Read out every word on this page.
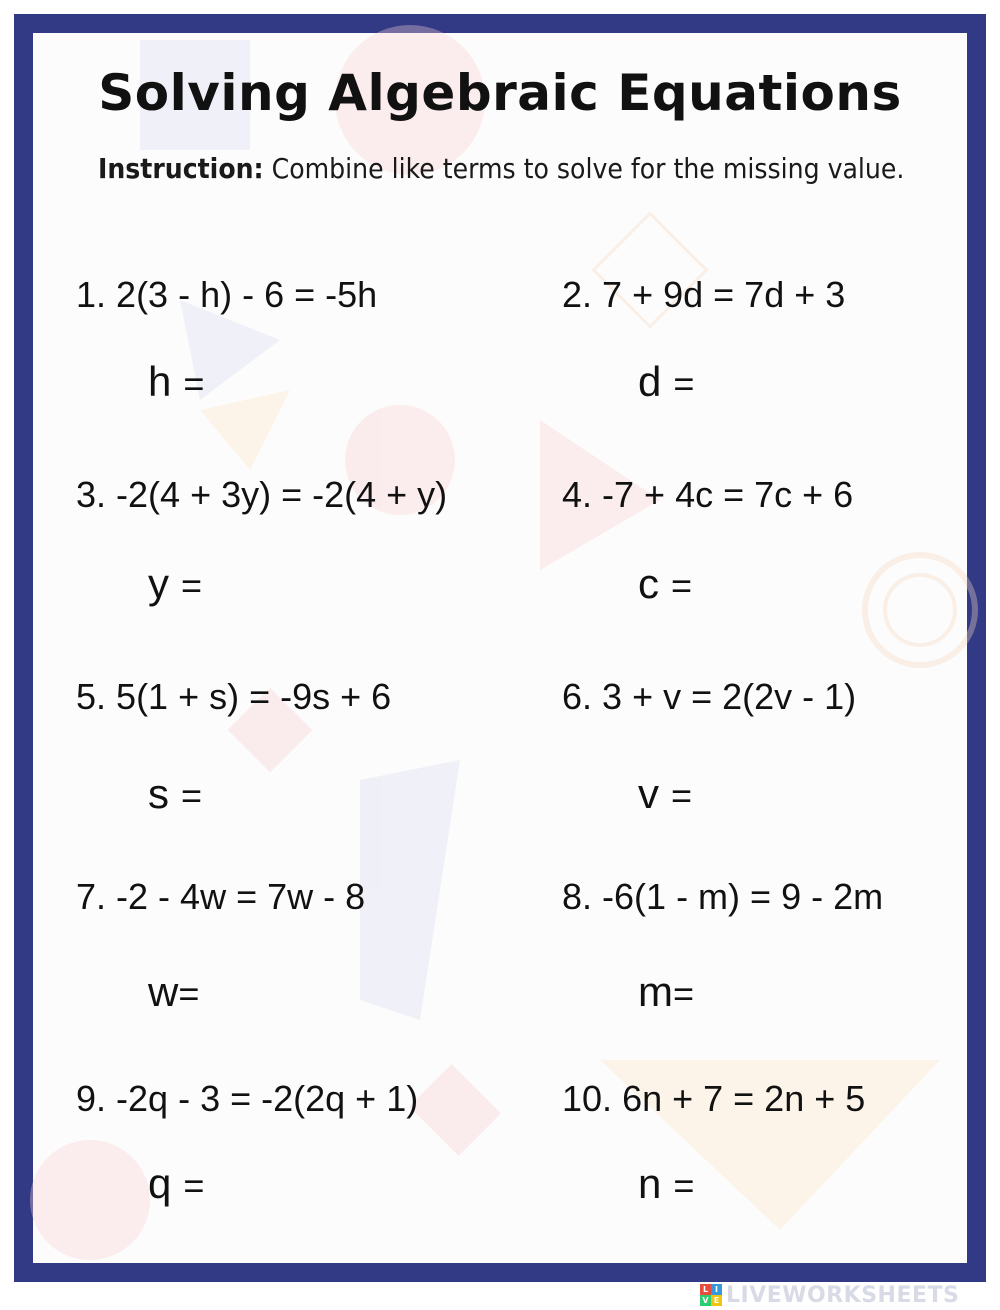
Solving Algebraic Equations
Instruction: Combine like terms to solve for the missing value.
1. 2(3 - h) - 6 = -5h
h =
2. 7 + 9d = 7d + 3
d =
3. -2(4 + 3y) = -2(4 + y)
y =
4. -7 + 4c = 7c + 6
c =
5. 5(1 + s) = -9s + 6
s =
6. 3 + v = 2(2v - 1)
v =
7. -2 - 4w = 7w - 8
w=
8. -6(1 - m) = 9 - 2m
m=
9. -2q - 3 = -2(2q + 1)
q =
10. 6n + 7 = 2n + 5
n =
L I
V E LIVEWORKSHEETS
